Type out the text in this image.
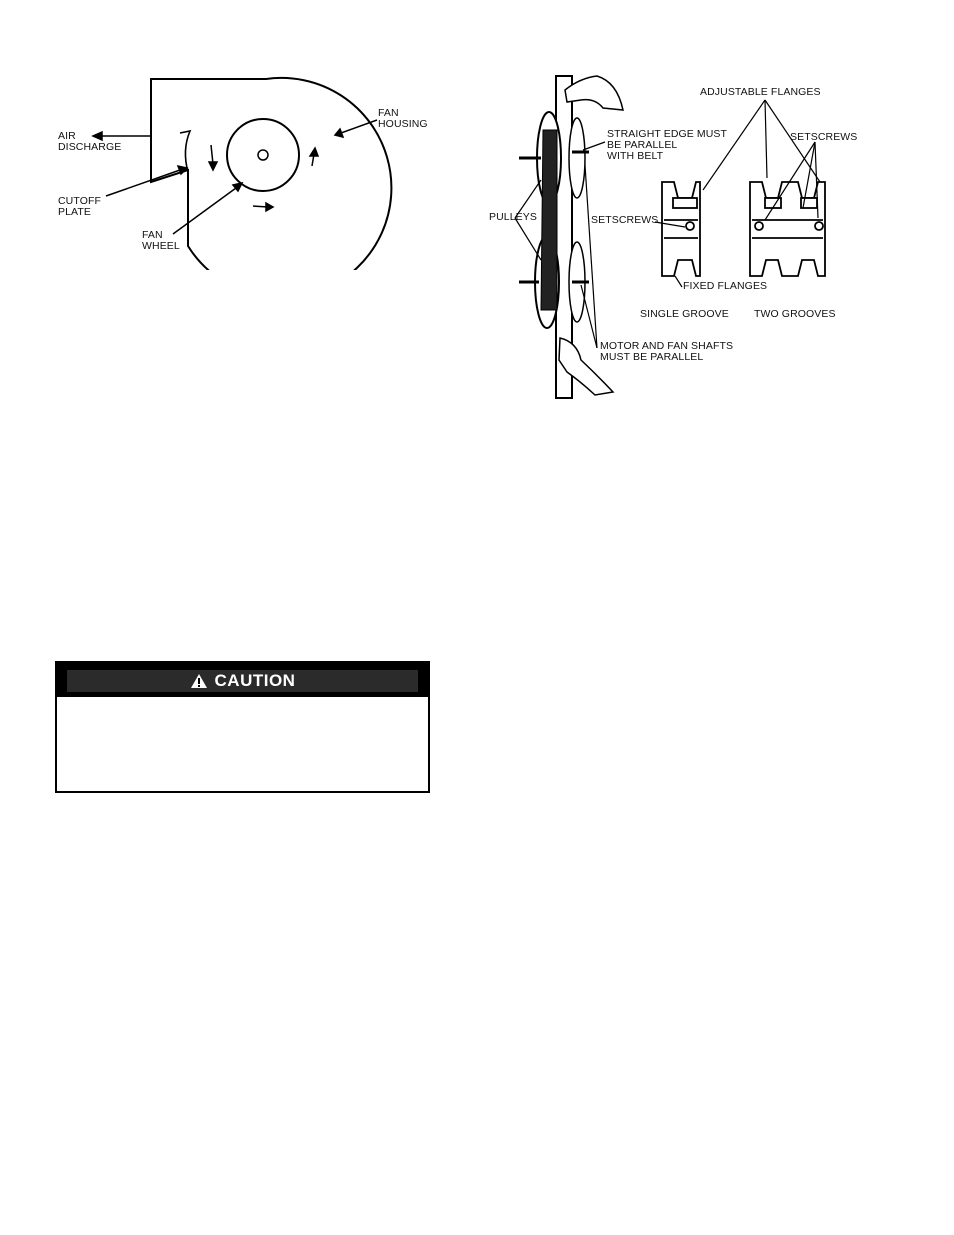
AIR
DISCHARGE
FAN
HOUSING
CUTOFF
PLATE
FAN
WHEEL
ADJUSTABLE FLANGES
STRAIGHT EDGE MUST
BE PARALLEL
WITH BELT
SETSCREWS
PULLEYS	SETSCREWS
FIXED FLANGES
SINGLE GROOVE TWO GROOVES
MOTOR AND FAN SHAFTS
MUST BE PARALLEL
CAUTION
